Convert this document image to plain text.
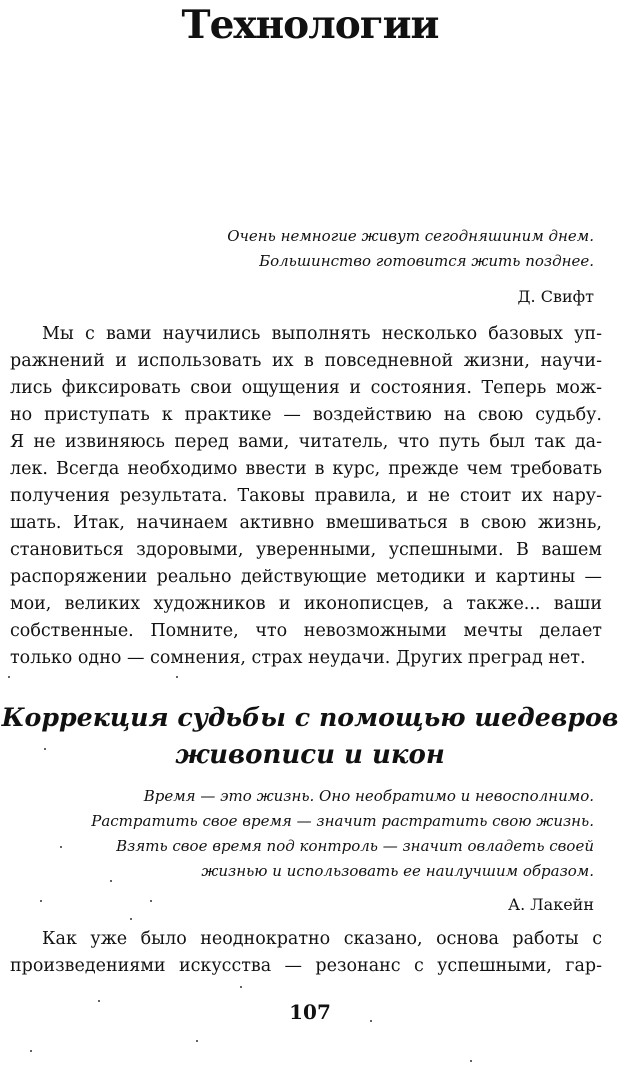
Технологии
Очень немногие живут сегодняшиним днем.
Большинство готовится жить позднее.
Д. Свифт
Мы с вами научились выполнять несколько базовых уп-
ражнений и использовать их в повседневной жизни, научи-
лись фиксировать свои ощущения и состояния. Теперь мож-
но приступать к практике — воздействию на свою судьбу.
Я не извиняюсь перед вами, читатель, что путь был так да-
лек. Всегда необходимо ввести в курс, прежде чем требовать
получения результата. Таковы правила, и не стоит их нару-
шать. Итак, начинаем активно вмешиваться в свою жизнь,
становиться здоровыми, уверенными, успешными. В вашем
распоряжении реально действующие методики и картины —
мои, великих художников и иконописцев, а также... ваши
собственные. Помните, что невозможными мечты делает
только одно — сомнения, страх неудачи. Других преград нет.
Коррекция судьбы с помощью шедевров
живописи и икон
Время — это жизнь. Оно необратимо и невосполнимо.
Растратить свое время — значит растратить свою жизнь.
Взять свое время под контроль — значит овладеть своей
жизнью и использовать ее наилучшим образом.
А. Лакейн
Как уже было неоднократно сказано, основа работы с
произведениями искусства — резонанс с успешными, гар-
107
